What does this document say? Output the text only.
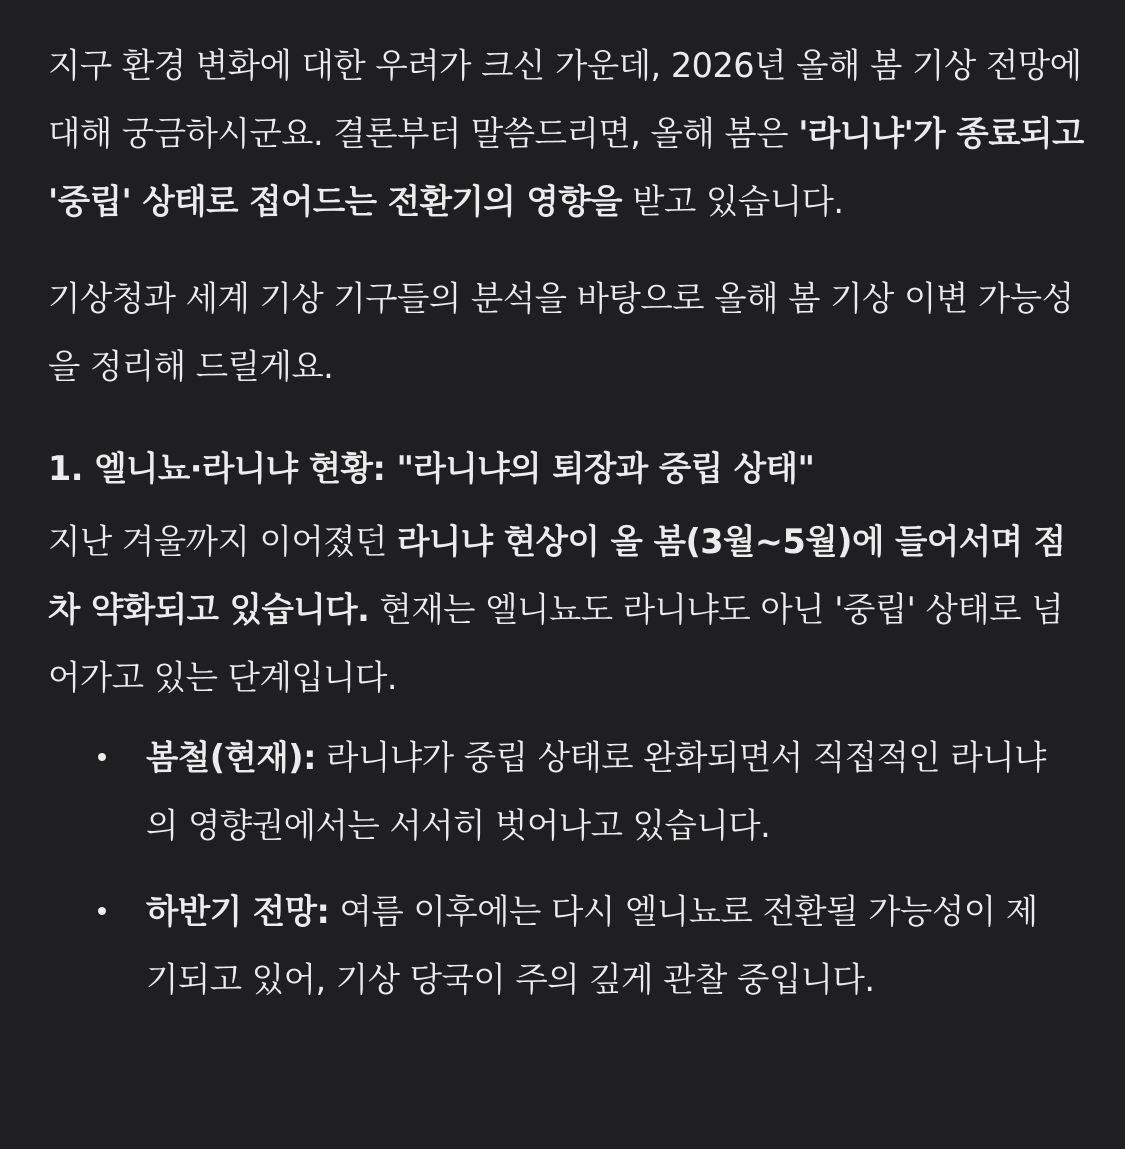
지구 환경 변화에 대한 우려가 크신 가운데, 2026년 올해 봄 기상 전망에 대해 궁금하시군요. 결론부터 말씀드리면, 올해 봄은 '라니냐'가 종료되고 '중립' 상태로 접어드는 전환기의 영향을 받고 있습니다.

기상청과 세계 기상 기구들의 분석을 바탕으로 올해 봄 기상 이변 가능성을 정리해 드릴게요.

1. 엘니뇨·라니냐 현황: "라니냐의 퇴장과 중립 상태"

지난 겨울까지 이어졌던 라니냐 현상이 올 봄(3월~5월)에 들어서며 점차 약화되고 있습니다. 현재는 엘니뇨도 라니냐도 아닌 '중립' 상태로 넘어가고 있는 단계입니다.

봄철(현재): 라니냐가 중립 상태로 완화되면서 직접적인 라니냐의 영향권에서는 서서히 벗어나고 있습니다.
하반기 전망: 여름 이후에는 다시 엘니뇨로 전환될 가능성이 제기되고 있어, 기상 당국이 주의 깊게 관찰 중입니다.
